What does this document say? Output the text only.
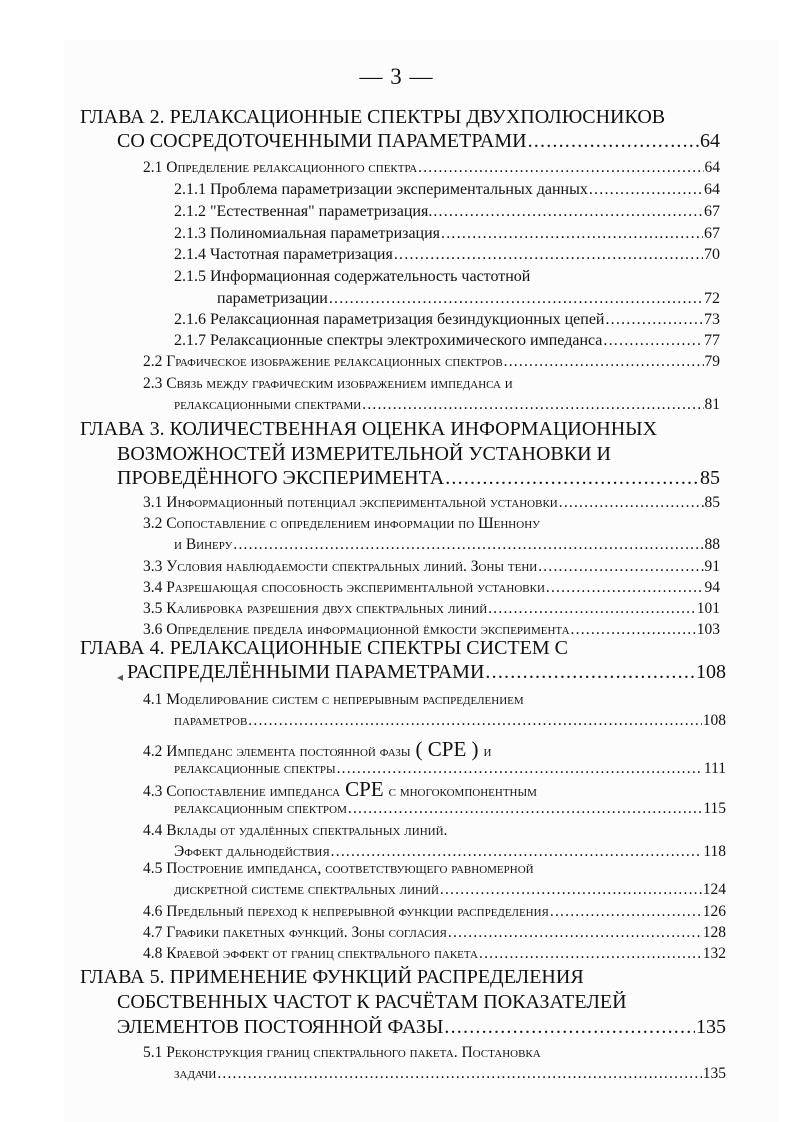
— 3 —
ГЛАВА 2. РЕЛАКСАЦИОННЫЕ СПЕКТРЫ ДВУХПОЛЮСНИКОВ
СО СОСРЕДОТОЧЕННЫМИ ПАРАМЕТРАМИ .....	64
2.1 Определение релаксационного спектра .....	64
2.1.1 Проблема параметризации экспериментальных данных .....	64
2.1.2 "Естественная" параметризация. .....	67
2.1.3 Полиномиальная параметризация .....	67
2.1.4 Частотная параметризация .....	70
2.1.5 Информационная содержательность частотной
параметризации .....	72
2.1.6 Релаксационная параметризация безиндукционных цепей .....	73
2.1.7 Релаксационные спектры электрохимического импеданса .....	77
2.2 Графическое изображение релаксационных спектров .....	79
2.3 Связь между графическим изображением импеданса и
релаксационными спектрами .....	81
ГЛАВА 3. КОЛИЧЕСТВЕННАЯ ОЦЕНКА ИНФОРМАЦИОННЫХ
ВОЗМОЖНОСТЕЙ ИЗМЕРИТЕЛЬНОЙ УСТАНОВКИ И
ПРОВЕДЁННОГО ЭКСПЕРИМЕНТА .....	85
3.1 Информационный потенциал экспериментальной установки .....	85
3.2 Сопоставление с определением информации по Шеннону
и Винеру .....	88
3.3 Условия наблюдаемости спектральных линий. Зоны тени .....	91
3.4 Разрешающая способность экспериментальной установки .....	94
3.5 Калибровка разрешения двух спектральных линий .....	101
3.6 Определение предела информационной ёмкости эксперимента .....	103
ГЛАВА 4. РЕЛАКСАЦИОННЫЕ СПЕКТРЫ СИСТЕМ С
◂ РАСПРЕДЕЛЁННЫМИ ПАРАМЕТРАМИ .....	108
4.1 Моделирование систем с непрерывным распределением
параметров .....	108
4.2 Импеданс элемента постоянной фазы ( CPE ) и
релаксационные спектры .....	111
4.3 Сопоставление импеданса CPE с многокомпонентным
релаксационным спектром .....	115
4.4 Вклады от удалённых спектральных линий.
Эффект дальнодействия .....	118
4.5 Построение импеданса, соответствующего равномерной
дискретной системе спектральных линий .....	124
4.6 Предельный переход к непрерывной функции распределения .....	126
4.7 Графики пакетных функций. Зоны согласия .....	128
4.8 Краевой эффект от границ спектрального пакета .....	132
ГЛАВА 5. ПРИМЕНЕНИЕ ФУНКЦИЙ РАСПРЕДЕЛЕНИЯ
СОБСТВЕННЫХ ЧАСТОТ К РАСЧЁТАМ ПОКАЗАТЕЛЕЙ
ЭЛЕМЕНТОВ ПОСТОЯННОЙ ФАЗЫ .....	135
5.1 Реконструкция границ спектрального пакета. Постановка
задачи .....	135
